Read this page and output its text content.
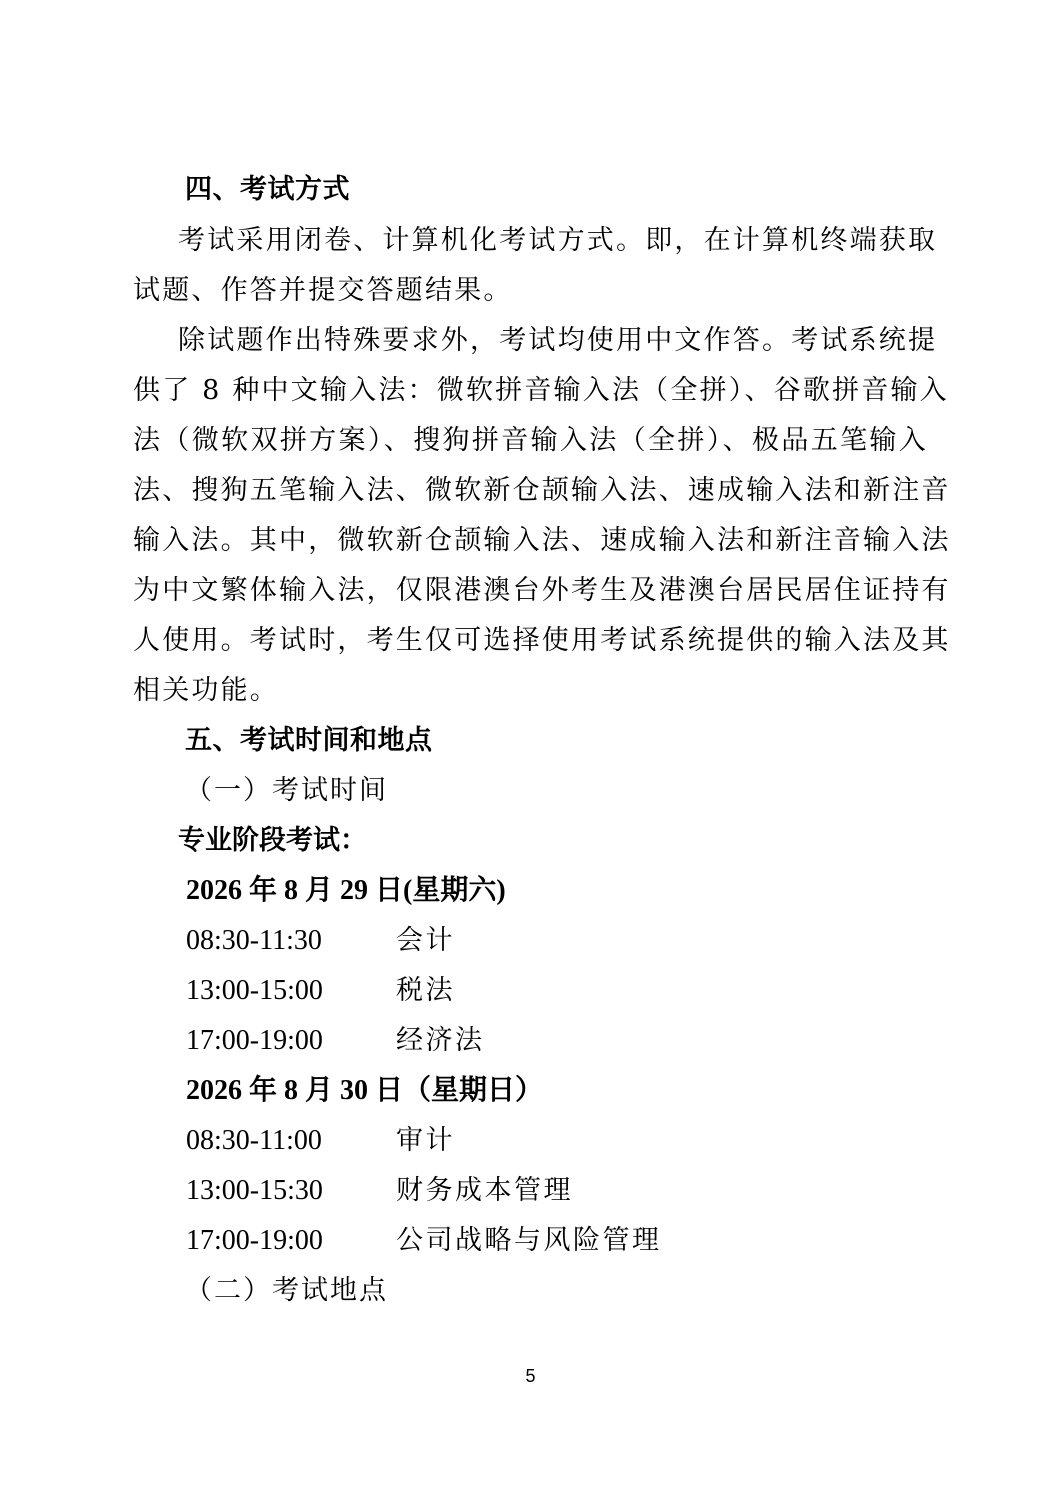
四、考试方式
考试采用闭卷、计算机化考试方式。即，在计算机终端获取
试题、作答并提交答题结果。
除试题作出特殊要求外，考试均使用中文作答。考试系统提
供了 8 种中文输入法：微软拼音输入法（全拼）、谷歌拼音输入
法（微软双拼方案）、搜狗拼音输入法（全拼）、极品五笔输入
法、搜狗五笔输入法、微软新仓颉输入法、速成输入法和新注音
输入法。其中，微软新仓颉输入法、速成输入法和新注音输入法
为中文繁体输入法，仅限港澳台外考生及港澳台居民居住证持有
人使用。考试时，考生仅可选择使用考试系统提供的输入法及其
相关功能。
五、考试时间和地点
（一）考试时间
专业阶段考试：
2026 年 8 月 29 日(星期六)
08:30-11:30	会计
13:00-15:00	税法
17:00-19:00	经济法
2026 年 8 月 30 日（星期日）
08:30-11:00	审计
13:00-15:30	财务成本管理
17:00-19:00	公司战略与风险管理
（二）考试地点
5
